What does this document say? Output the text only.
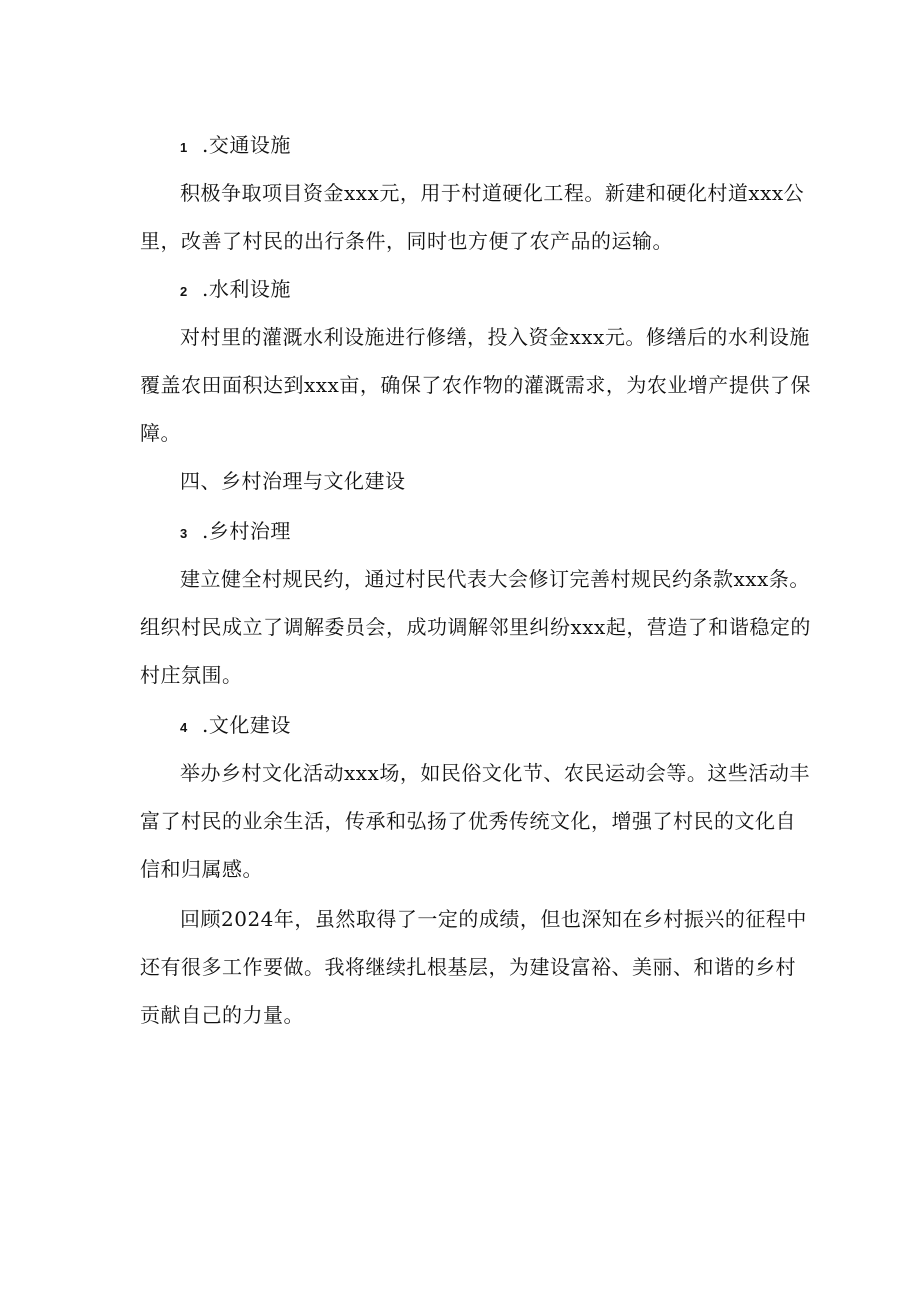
1 .交通设施
积极争取项目资金xxx元，用于村道硬化工程。新建和硬化村道xxx公
里，改善了村民的出行条件，同时也方便了农产品的运输。
2 .水利设施
对村里的灌溉水利设施进行修缮，投入资金xxx元。修缮后的水利设施
覆盖农田面积达到xxx亩，确保了农作物的灌溉需求，为农业增产提供了保
障。
四、乡村治理与文化建设
3 .乡村治理
建立健全村规民约，通过村民代表大会修订完善村规民约条款xxx条。
组织村民成立了调解委员会，成功调解邻里纠纷xxx起，营造了和谐稳定的
村庄氛围。
4 .文化建设
举办乡村文化活动xxx场，如民俗文化节、农民运动会等。这些活动丰
富了村民的业余生活，传承和弘扬了优秀传统文化，增强了村民的文化自
信和归属感。
回顾2024年，虽然取得了一定的成绩，但也深知在乡村振兴的征程中
还有很多工作要做。我将继续扎根基层，为建设富裕、美丽、和谐的乡村
贡献自己的力量。
